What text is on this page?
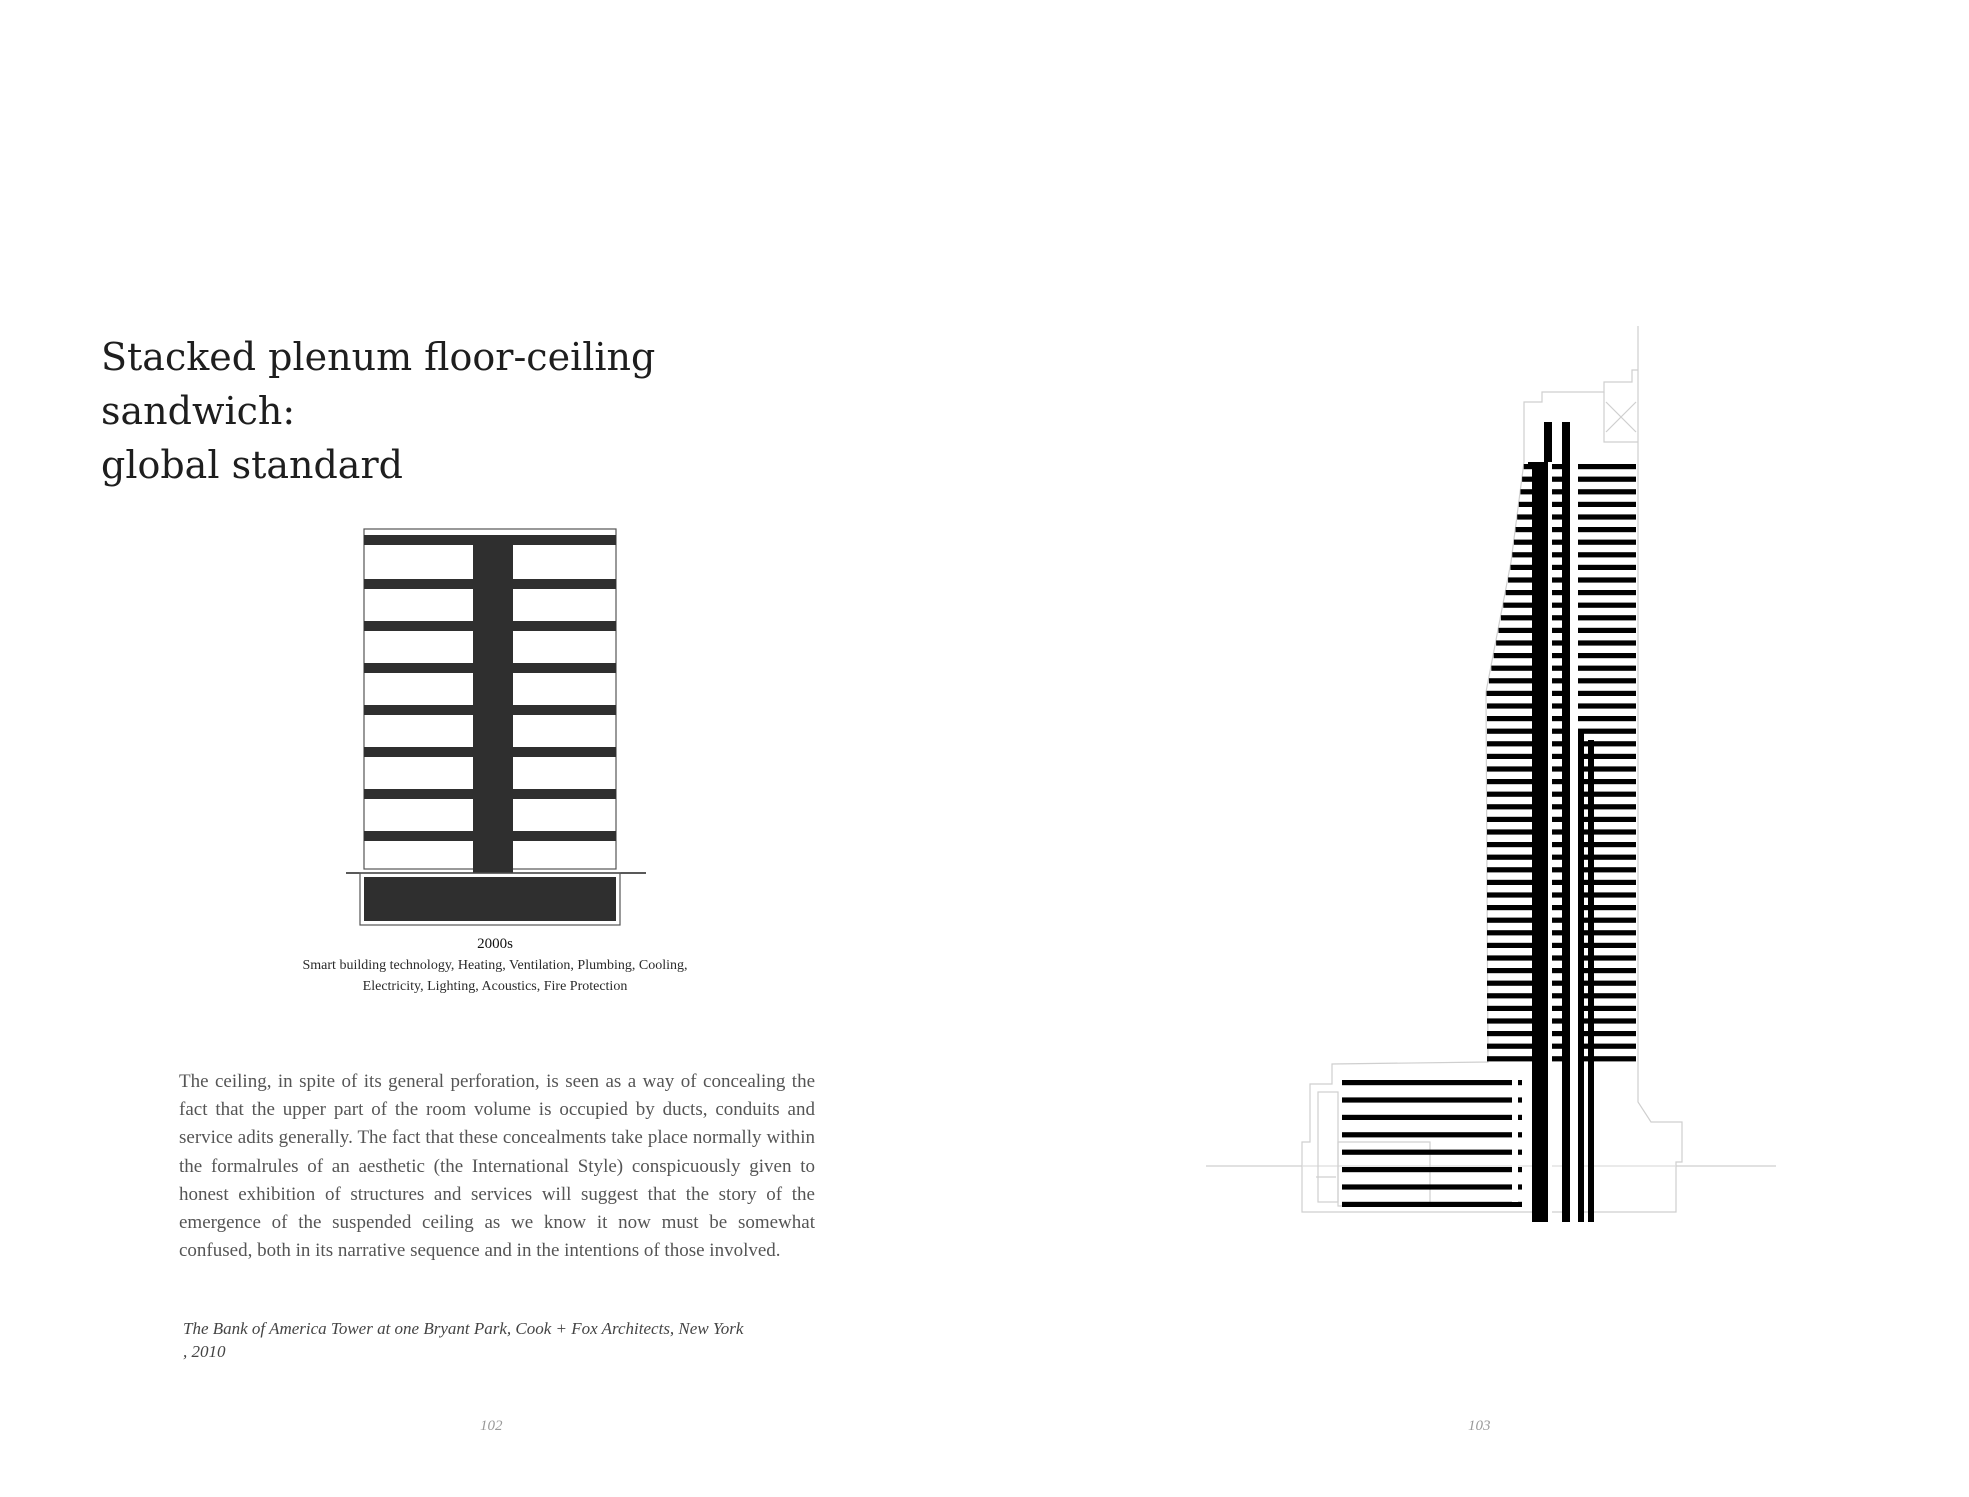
Stacked plenum floor-ceiling sandwich:
global standard
2000s
Smart building technology, Heating, Ventilation, Plumbing, Cooling,
Electricity, Lighting, Acoustics, Fire Protection

The ceiling, in spite of its general perforation, is seen as a way of concealing the fact that the upper part of the room volume is occupied by ducts, conduits and service adits generally. The fact that these concealments take place normally within the formalrules of an aesthetic (the International Style) conspicuously given to honest exhibition of structures and services will suggest that the story of the emergence of the suspended ceiling as we know it now must be somewhat confused, both in its narrative sequence and in the intentions of those involved.

The Bank of America Tower at one Bryant Park, Cook + Fox Architects, New York
, 2010

102	103
